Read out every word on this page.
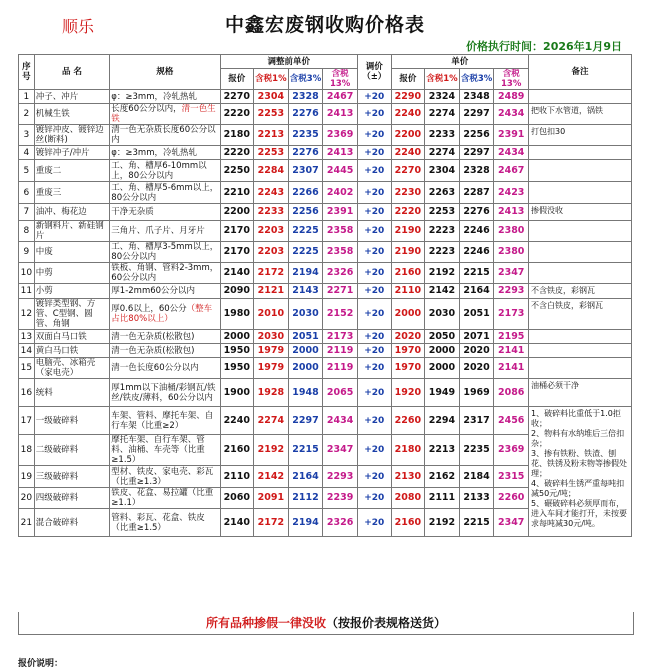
顺乐	中鑫宏废钢收购价格表
价格执行时间：2026年1月9日
序号	品 名	规格	调整前单价				调价（±）	单价				备注
			报价	含税1%	含税3%	含税13%		报价	含税1%	含税3%	含税13%	
1	冲子、冲片	φ：≥3mm，冷轧热轧	2270	2304	2328	2467	+20	2290	2324	2348	2489	
2	机械生铁	长度60公分以内，清一色生铁	2220	2253	2276	2413	+20	2240	2274	2297	2434	把收下水管道，锅铁
3	镀锌冲皮、镀锌边丝(断料)	清一色无杂质长度60公分以内	2180	2213	2235	2369	+20	2200	2233	2256	2391	打包扣30
4	镀锌冲子/冲片	φ：≥3mm，冷轧热轧	2220	2253	2276	2413	+20	2240	2274	2297	2434	
5	重废二	工、角、槽厚6-10mm以上，80公分以内	2250	2284	2307	2445	+20	2270	2304	2328	2467	
6	重废三	工、角、槽厚5-6mm以上，80公分以内	2210	2243	2266	2402	+20	2230	2263	2287	2423	
7	油冲、梅花边	干净无杂质	2200	2233	2256	2391	+20	2220	2253	2276	2413	掺假没收
8	新钢料片、新硅钢片	三角片、爪子片、月牙片	2170	2203	2225	2358	+20	2190	2223	2246	2380	
9	中废	工、角、槽厚3-5mm以上，80公分以内	2170	2203	2225	2358	+20	2190	2223	2246	2380	
10	中剪	铁板、角钢、管料2-3mm，60公分以内	2140	2172	2194	2326	+20	2160	2192	2215	2347	
11	小剪	厚1-2mm60公分以内	2090	2121	2143	2271	+20	2110	2142	2164	2293	不含铁皮，彩钢瓦
12	镀锌类型钢、方管、C型钢、圆管、角钢	厚0.6以上，60公分（整车占比80%以上）	1980	2010	2030	2152	+20	2000	2030	2051	2173	不含白铁皮，彩钢瓦
13	双面白马口铁	清一色无杂质(松散包)	2000	2030	2051	2173	+20	2020	2050	2071	2195	
14	黄白马口铁	清一色无杂质(松散包)	1950	1979	2000	2119	+20	1970	2000	2020	2141	
15	电脑壳、冰箱壳（家电壳）	清一色长度60公分以内	1950	1979	2000	2119	+20	1970	2000	2020	2141	
16	统料	厚1mm以下油桶/彩钢瓦/铁丝/铁皮/薄料，60公分以内	1900	1928	1948	2065	+20	1920	1949	1969	2086	油桶必须干净
17	一级破碎料	车架、管料、摩托车架、自行车架（比重≥2）	2240	2274	2297	2434	+20	2260	2294	2317	2456	1、破碎料比重低于1.0拒收；
2、物料有水纳堆后三倍扣杂；
3、掺有铁粉、铁渣、刨花、铁锈及粉末物等掺假处理；
4、破碎料生锈严重每吨扣减50元/吨；
5、碾破碎料必须厚而布，进入车间才能打开，未按要求每吨减30元/吨。
18	二级破碎料	摩托车架、自行车架、管料、油桶、车壳等（比重≥1.5）	2160	2192	2215	2347	+20	2180	2213	2235	2369	
19	三级破碎料	型材、铁皮、家电壳、彩瓦（比重≥1.3）	2110	2142	2164	2293	+20	2130	2162	2184	2315	
20	四级破碎料	铁皮、花盒、易拉罐（比重≥1.1）	2060	2091	2112	2239	+20	2080	2111	2133	2260	
21	混合破碎料	管料、彩瓦、花盒、铁皮（比重≥1.5）	2140	2172	2194	2326	+20	2160	2192	2215	2347	
所有品种掺假一律没收（按报价表规格送货）
报价说明：
